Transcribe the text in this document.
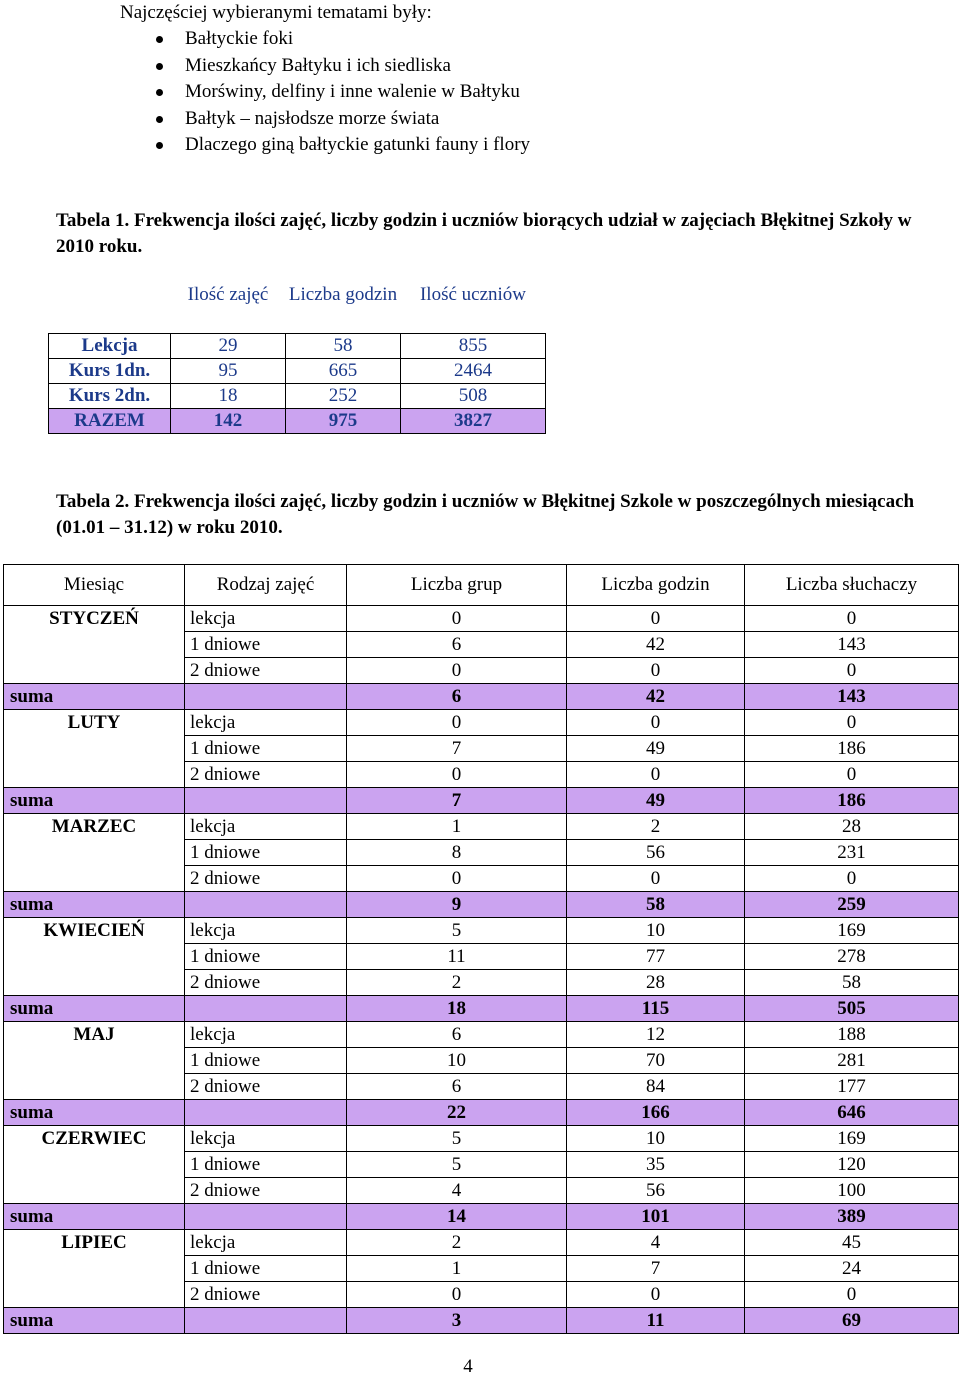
Najczęściej wybieranymi tematami były:
Bałtyckie foki
Mieszkańcy Bałtyku i ich siedliska
Morświny, delfiny i inne walenie w Bałtyku
Bałtyk – najsłodsze morze świata
Dlaczego giną bałtyckie gatunki fauny i flory
Tabela 1. Frekwencja ilości zajęć, liczby godzin i uczniów biorących udział w zajęciach Błękitnej Szkoły w 2010 roku.
	Ilość zajęć	Liczba godzin	Ilość uczniów
Lekcja	29	58	855
Kurs 1dn.	95	665	2464
Kurs 2dn.	18	252	508
RAZEM	142	975	3827
Tabela 2. Frekwencja ilości zajęć, liczby godzin i uczniów w Błękitnej Szkole w poszczególnych miesiącach (01.01 – 31.12) w roku 2010.
Miesiąc	Rodzaj zajęć	Liczba grup	Liczba godzin	Liczba słuchaczy
STYCZEŃ	lekcja	0	0	0
	1 dniowe	6	42	143
	2 dniowe	0	0	0
suma		6	42	143
LUTY	lekcja	0	0	0
	1 dniowe	7	49	186
	2 dniowe	0	0	0
suma		7	49	186
MARZEC	lekcja	1	2	28
	1 dniowe	8	56	231
	2 dniowe	0	0	0
suma		9	58	259
KWIECIEŃ	lekcja	5	10	169
	1 dniowe	11	77	278
	2 dniowe	2	28	58
suma		18	115	505
MAJ	lekcja	6	12	188
	1 dniowe	10	70	281
	2 dniowe	6	84	177
suma		22	166	646
CZERWIEC	lekcja	5	10	169
	1 dniowe	5	35	120
	2 dniowe	4	56	100
suma		14	101	389
LIPIEC	lekcja	2	4	45
	1 dniowe	1	7	24
	2 dniowe	0	0	0
suma		3	11	69
4
